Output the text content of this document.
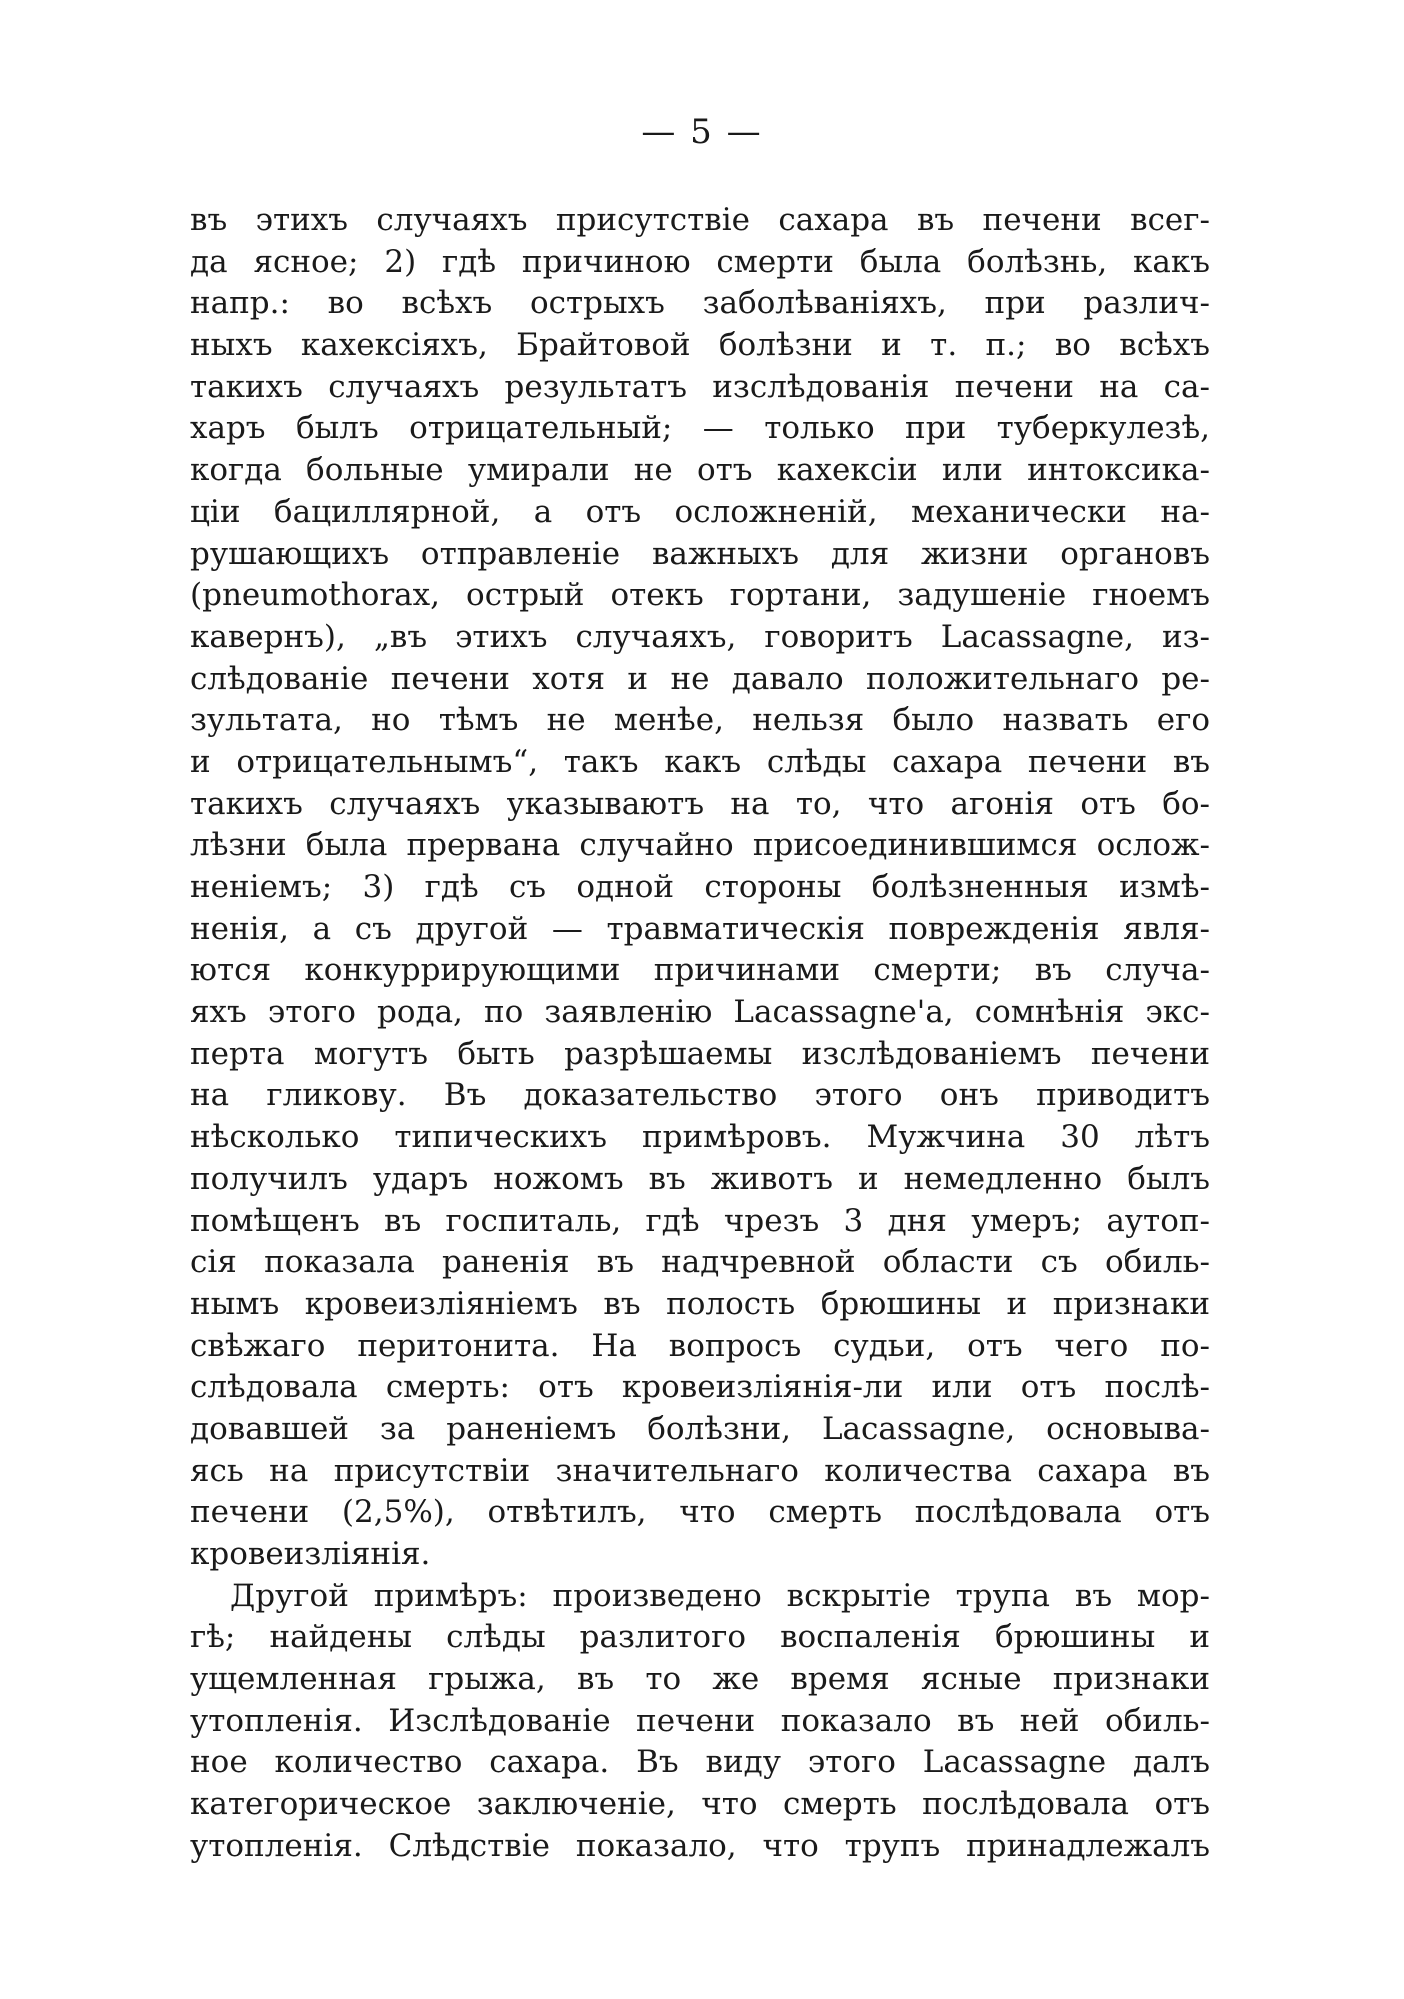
— 5 —
въ этихъ случаяхъ присутствіе сахара въ печени всег-
да ясное; 2) гдѣ причиною смерти была болѣзнь, какъ
напр.: во всѣхъ острыхъ заболѣваніяхъ, при различ-
ныхъ кахексіяхъ, Брайтовой болѣзни и т. п.; во всѣхъ
такихъ случаяхъ результатъ изслѣдованія печени на са-
харъ былъ отрицательный; — только при туберкулезѣ,
когда больные умирали не отъ кахексіи или интоксика-
ціи бациллярной, а отъ осложненій, механически на-
рушающихъ отправленіе важныхъ для жизни органовъ
(pneumothorax, острый отекъ гортани, задушеніе гноемъ
кавернъ), „въ этихъ случаяхъ, говоритъ Lacassagne, из-
слѣдованіе печени хотя и не давало положительнаго ре-
зультата, но тѣмъ не менѣе, нельзя было назвать его
и отрицательнымъ“, такъ какъ слѣды сахара печени въ
такихъ случаяхъ указываютъ на то, что агонія отъ бо-
лѣзни была прервана случайно присоединившимся ослож-
неніемъ; 3) гдѣ съ одной стороны болѣзненныя измѣ-
ненія, а съ другой — травматическія поврежденія явля-
ются конкуррирующими причинами смерти; въ случа-
яхъ этого рода, по заявленію Lacassagne'а, сомнѣнія экс-
перта могутъ быть разрѣшаемы изслѣдованіемъ печени
на гликову. Въ доказательство этого онъ приводитъ
нѣсколько типическихъ примѣровъ. Мужчина 30 лѣтъ
получилъ ударъ ножомъ въ животъ и немедленно былъ
помѣщенъ въ госпиталь, гдѣ чрезъ 3 дня умеръ; аутоп-
сія показала раненія въ надчревной области съ обиль-
нымъ кровеизліяніемъ въ полость брюшины и признаки
свѣжаго перитонита. На вопросъ судьи, отъ чего по-
слѣдовала смерть: отъ кровеизліянія-ли или отъ послѣ-
довавшей за раненіемъ болѣзни, Lacassagne, основыва-
ясь на присутствіи значительнаго количества сахара въ
печени (2,5%), отвѣтилъ, что смерть послѣдовала отъ
кровеизліянія.
Другой примѣръ: произведено вскрытіе трупа въ мор-
гѣ; найдены слѣды разлитого воспаленія брюшины и
ущемленная грыжа, въ то же время ясные признаки
утопленія. Изслѣдованіе печени показало въ ней обиль-
ное количество сахара. Въ виду этого Lacassagne далъ
категорическое заключеніе, что смерть послѣдовала отъ
утопленія. Слѣдствіе показало, что трупъ принадлежалъ
